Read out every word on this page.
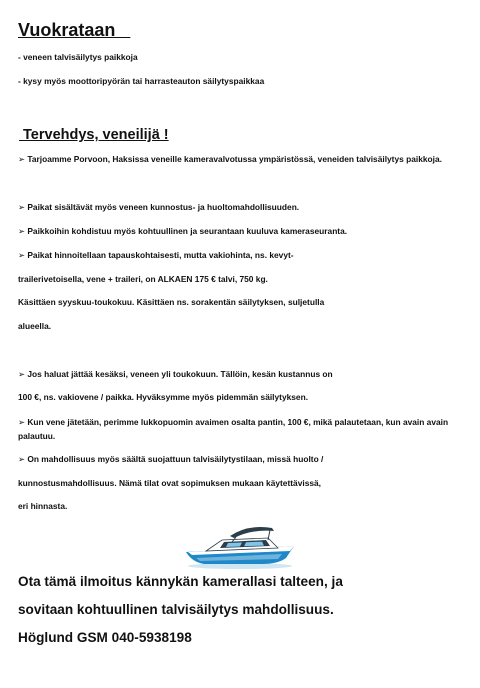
Vuokrataan

- veneen talvisäilytys paikkoja

- kysy myös moottoripyörän tai harrasteauton säilytyspaikkaa

Tervehdys, veneilijä !

➢ Tarjoamme Porvoon, Haksissa veneille kameravalvotussa ympäristössä, veneiden talvisäilytys paikkoja.

➢ Paikat sisältävät myös veneen kunnostus- ja huoltomahdollisuuden.

➢ Paikkoihin kohdistuu myös kohtuullinen ja seurantaan kuuluva kameraseuranta.

➢ Paikat hinnoitellaan tapauskohtaisesti, mutta vakiohinta, ns. kevyt-

trailerivetoisella, vene + traileri, on ALKAEN 175 € talvi, 750 kg.

Käsittäen syyskuu-toukokuu. Käsittäen ns. sorakentän säilytyksen, suljetulla

alueella.

➢ Jos haluat jättää kesäksi, veneen yli toukokuun. Tällöin, kesän kustannus on

100 €, ns. vakiovene / paikka. Hyväksymme myös pidemmän säilytyksen.

➢ Kun vene jätetään, perimme lukkopuomin avaimen osalta pantin, 100 €, mikä palautetaan, kun avain avain palautuu.

➢ On mahdollisuus myös säältä suojattuun talvisäilytystilaan, missä huolto /

kunnostusmahdollisuus. Nämä tilat ovat sopimuksen mukaan käytettävissä,

eri hinnasta.

Ota tämä ilmoitus kännykän kamerallasi talteen, ja

sovitaan kohtuullinen talvisäilytys mahdollisuus.

Höglund GSM 040-5938198
